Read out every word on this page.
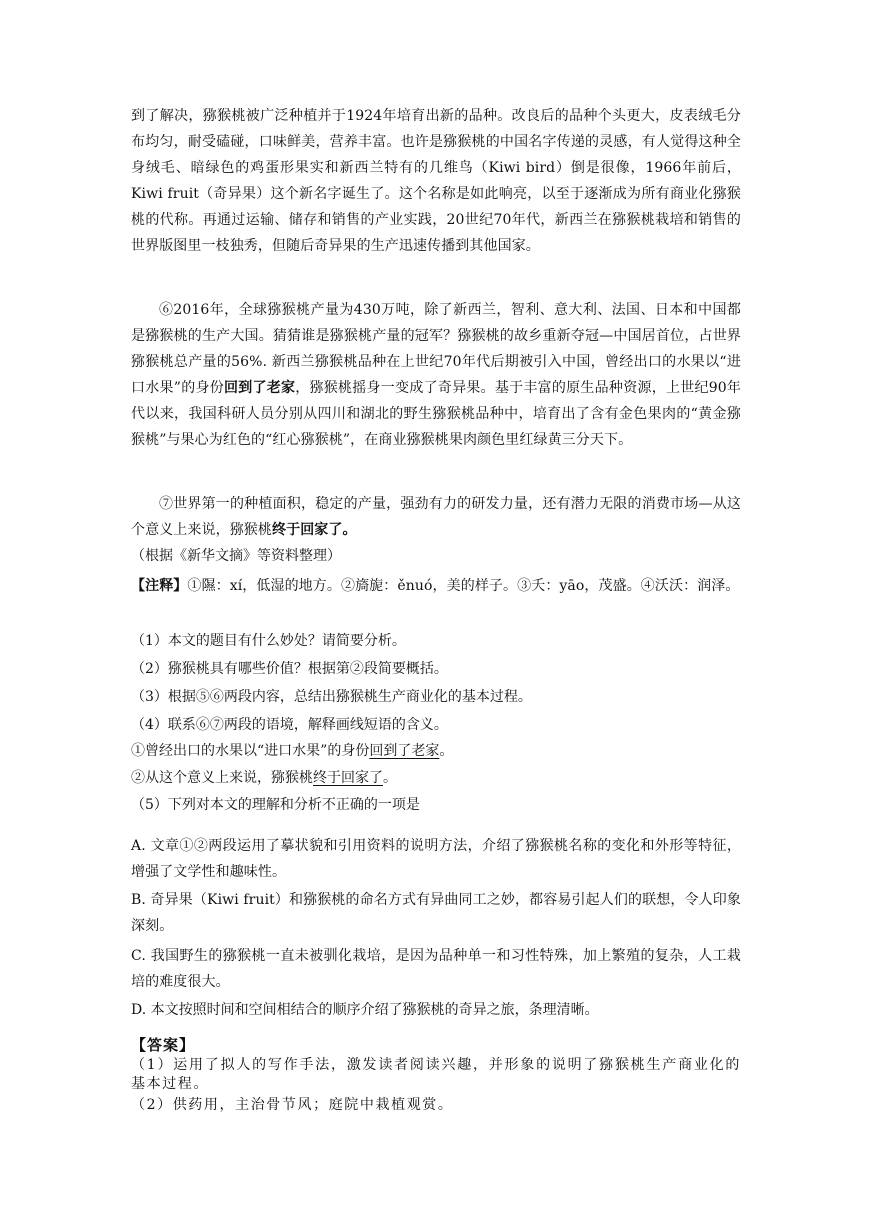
到了解决，猕猴桃被广泛种植并于1924年培育出新的品种。改良后的品种个头更大，皮表绒毛分布均匀，耐受磕碰，口味鲜美，营养丰富。也许是猕猴桃的中国名字传递的灵感，有人觉得这种全身绒毛、暗绿色的鸡蛋形果实和新西兰特有的几维鸟（Kiwi bird）倒是很像，1966年前后，Kiwi fruit（奇异果）这个新名字诞生了。这个名称是如此响亮，以至于逐渐成为所有商业化猕猴桃的代称。再通过运输、储存和销售的产业实践，20世纪70年代，新西兰在猕猴桃栽培和销售的世界版图里一枝独秀，但随后奇异果的生产迅速传播到其他国家。
⑥2016年，全球猕猴桃产量为430万吨，除了新西兰，智利、意大利、法国、日本和中国都是猕猴桃的生产大国。猜猜谁是猕猴桃产量的冠军？猕猴桃的故乡重新夺冠—中国居首位，占世界猕猴桃总产量的56%. 新西兰猕猴桃品种在上世纪70年代后期被引入中国，曾经出口的水果以“进口水果”的身份回到了老家，猕猴桃摇身一变成了奇异果。基于丰富的原生品种资源，上世纪90年代以来，我国科研人员分别从四川和湖北的野生猕猴桃品种中，培育出了含有金色果肉的“黄金猕猴桃”与果心为红色的“红心猕猴桃”，在商业猕猴桃果肉颜色里红绿黄三分天下。
⑦世界第一的种植面积，稳定的产量，强劲有力的研发力量，还有潜力无限的消费市场—从这个意义上来说，猕猴桃终于回家了。
（根据《新华文摘》等资料整理）
【注释】①隰：xí，低湿的地方。②旖旎：ěnuó，美的样子。③夭：yāo，茂盛。④沃沃：润泽。
（1）本文的题目有什么妙处？请简要分析。
（2）猕猴桃具有哪些价值？根据第②段简要概括。
（3）根据⑤⑥两段内容，总结出猕猴桃生产商业化的基本过程。
（4）联系⑥⑦两段的语境，解释画线短语的含义。
①曾经出口的水果以“进口水果”的身份回到了老家。
②从这个意义上来说，猕猴桃终于回家了。
（5）下列对本文的理解和分析不正确的一项是
A. 文章①②两段运用了摹状貌和引用资料的说明方法，介绍了猕猴桃名称的变化和外形等特征，增强了文学性和趣味性。
B. 奇异果（Kiwi fruit）和猕猴桃的命名方式有异曲同工之妙，都容易引起人们的联想，令人印象深刻。
C. 我国野生的猕猴桃一直未被驯化栽培，是因为品种单一和习性特殊，加上繁殖的复杂，人工栽培的难度很大。
D. 本文按照时间和空间相结合的顺序介绍了猕猴桃的奇异之旅，条理清晰。
【答案】
（1）运用了拟人的写作手法，激发读者阅读兴趣，并形象的说明了猕猴桃生产商业化的基本过程。
（2）供药用，主治骨节风；庭院中栽植观赏。
